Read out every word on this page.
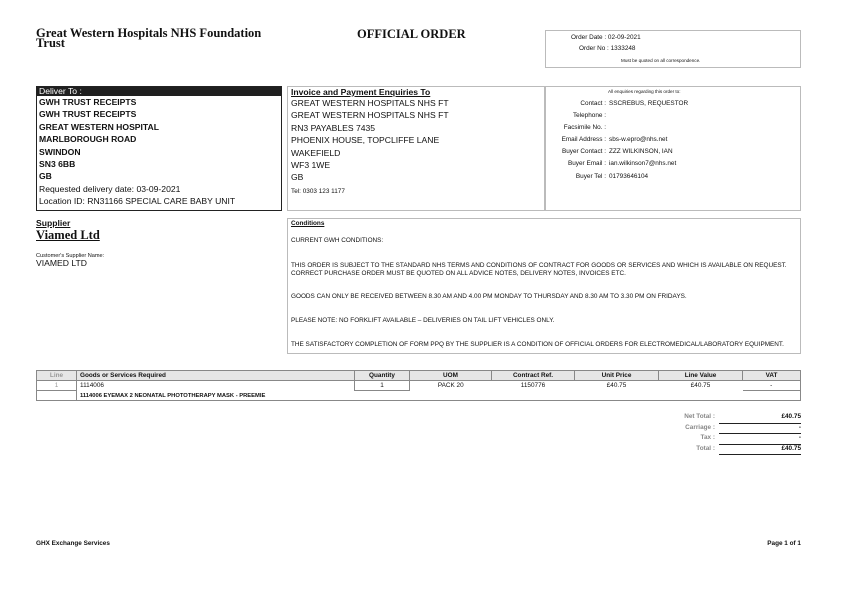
Great Western Hospitals NHS Foundation
Trust
OFFICIAL ORDER	Order Date : 02-09-2021
Order No : 1333248
Must be quoted on all correspondence.
Deliver To :
GWH TRUST RECEIPTS
GWH TRUST RECEIPTS
GREAT WESTERN HOSPITAL
MARLBOROUGH ROAD
SWINDON
SN3 6BB
GB
Requested delivery date: 03-09-2021
Location ID: RN31166 SPECIAL CARE BABY UNIT
Invoice and Payment Enquiries To
GREAT WESTERN HOSPITALS NHS FT
GREAT WESTERN HOSPITALS NHS FT
RN3 PAYABLES 7435
PHOENIX HOUSE, TOPCLIFFE LANE
WAKEFIELD
WF3 1WE
GB
Tel: 0303 123 1177
All enquiries regarding this order to:
Contact : SSCREBUS, REQUESTOR
Telephone :
Facsimile No. :
Email Address : sbs-w.epro@nhs.net
Buyer Contact : ZZZ WILKINSON, IAN
Buyer Email : ian.wilkinson7@nhs.net
Buyer Tel : 01793646104
Supplier
Viamed Ltd
Customer's Supplier Name:
VIAMED LTD
Conditions

CURRENT GWH CONDITIONS:

THIS ORDER IS SUBJECT TO THE STANDARD NHS TERMS AND CONDITIONS OF CONTRACT FOR GOODS OR SERVICES AND WHICH IS AVAILABLE ON REQUEST.
CORRECT PURCHASE ORDER MUST BE QUOTED ON ALL ADVICE NOTES, DELIVERY NOTES, INVOICES ETC.

GOODS CAN ONLY BE RECEIVED BETWEEN 8.30 AM AND 4.00 PM MONDAY TO THURSDAY AND 8.30 AM TO 3.30 PM ON FRIDAYS.

PLEASE NOTE: NO FORKLIFT AVAILABLE – DELIVERIES ON TAIL LIFT VEHICLES ONLY.

THE SATISFACTORY COMPLETION OF FORM PPQ BY THE SUPPLIER IS A CONDITION OF OFFICIAL ORDERS FOR ELECTROMEDICAL/LABORATORY EQUIPMENT.

Line	Goods or Services Required	Quantity	UOM	Contract Ref.	Unit Price	Line Value	VAT
1	1114006	1	PACK 20	1150776	£40.75	£40.75	-
	1114006 EYEMAX 2 NEONATAL PHOTOTHERAPY MASK - PREEMIE						
Net Total :	£40.75
Carriage :	-
Tax :	-
Total :	£40.75
GHX Exchange Services	Page 1 of 1
